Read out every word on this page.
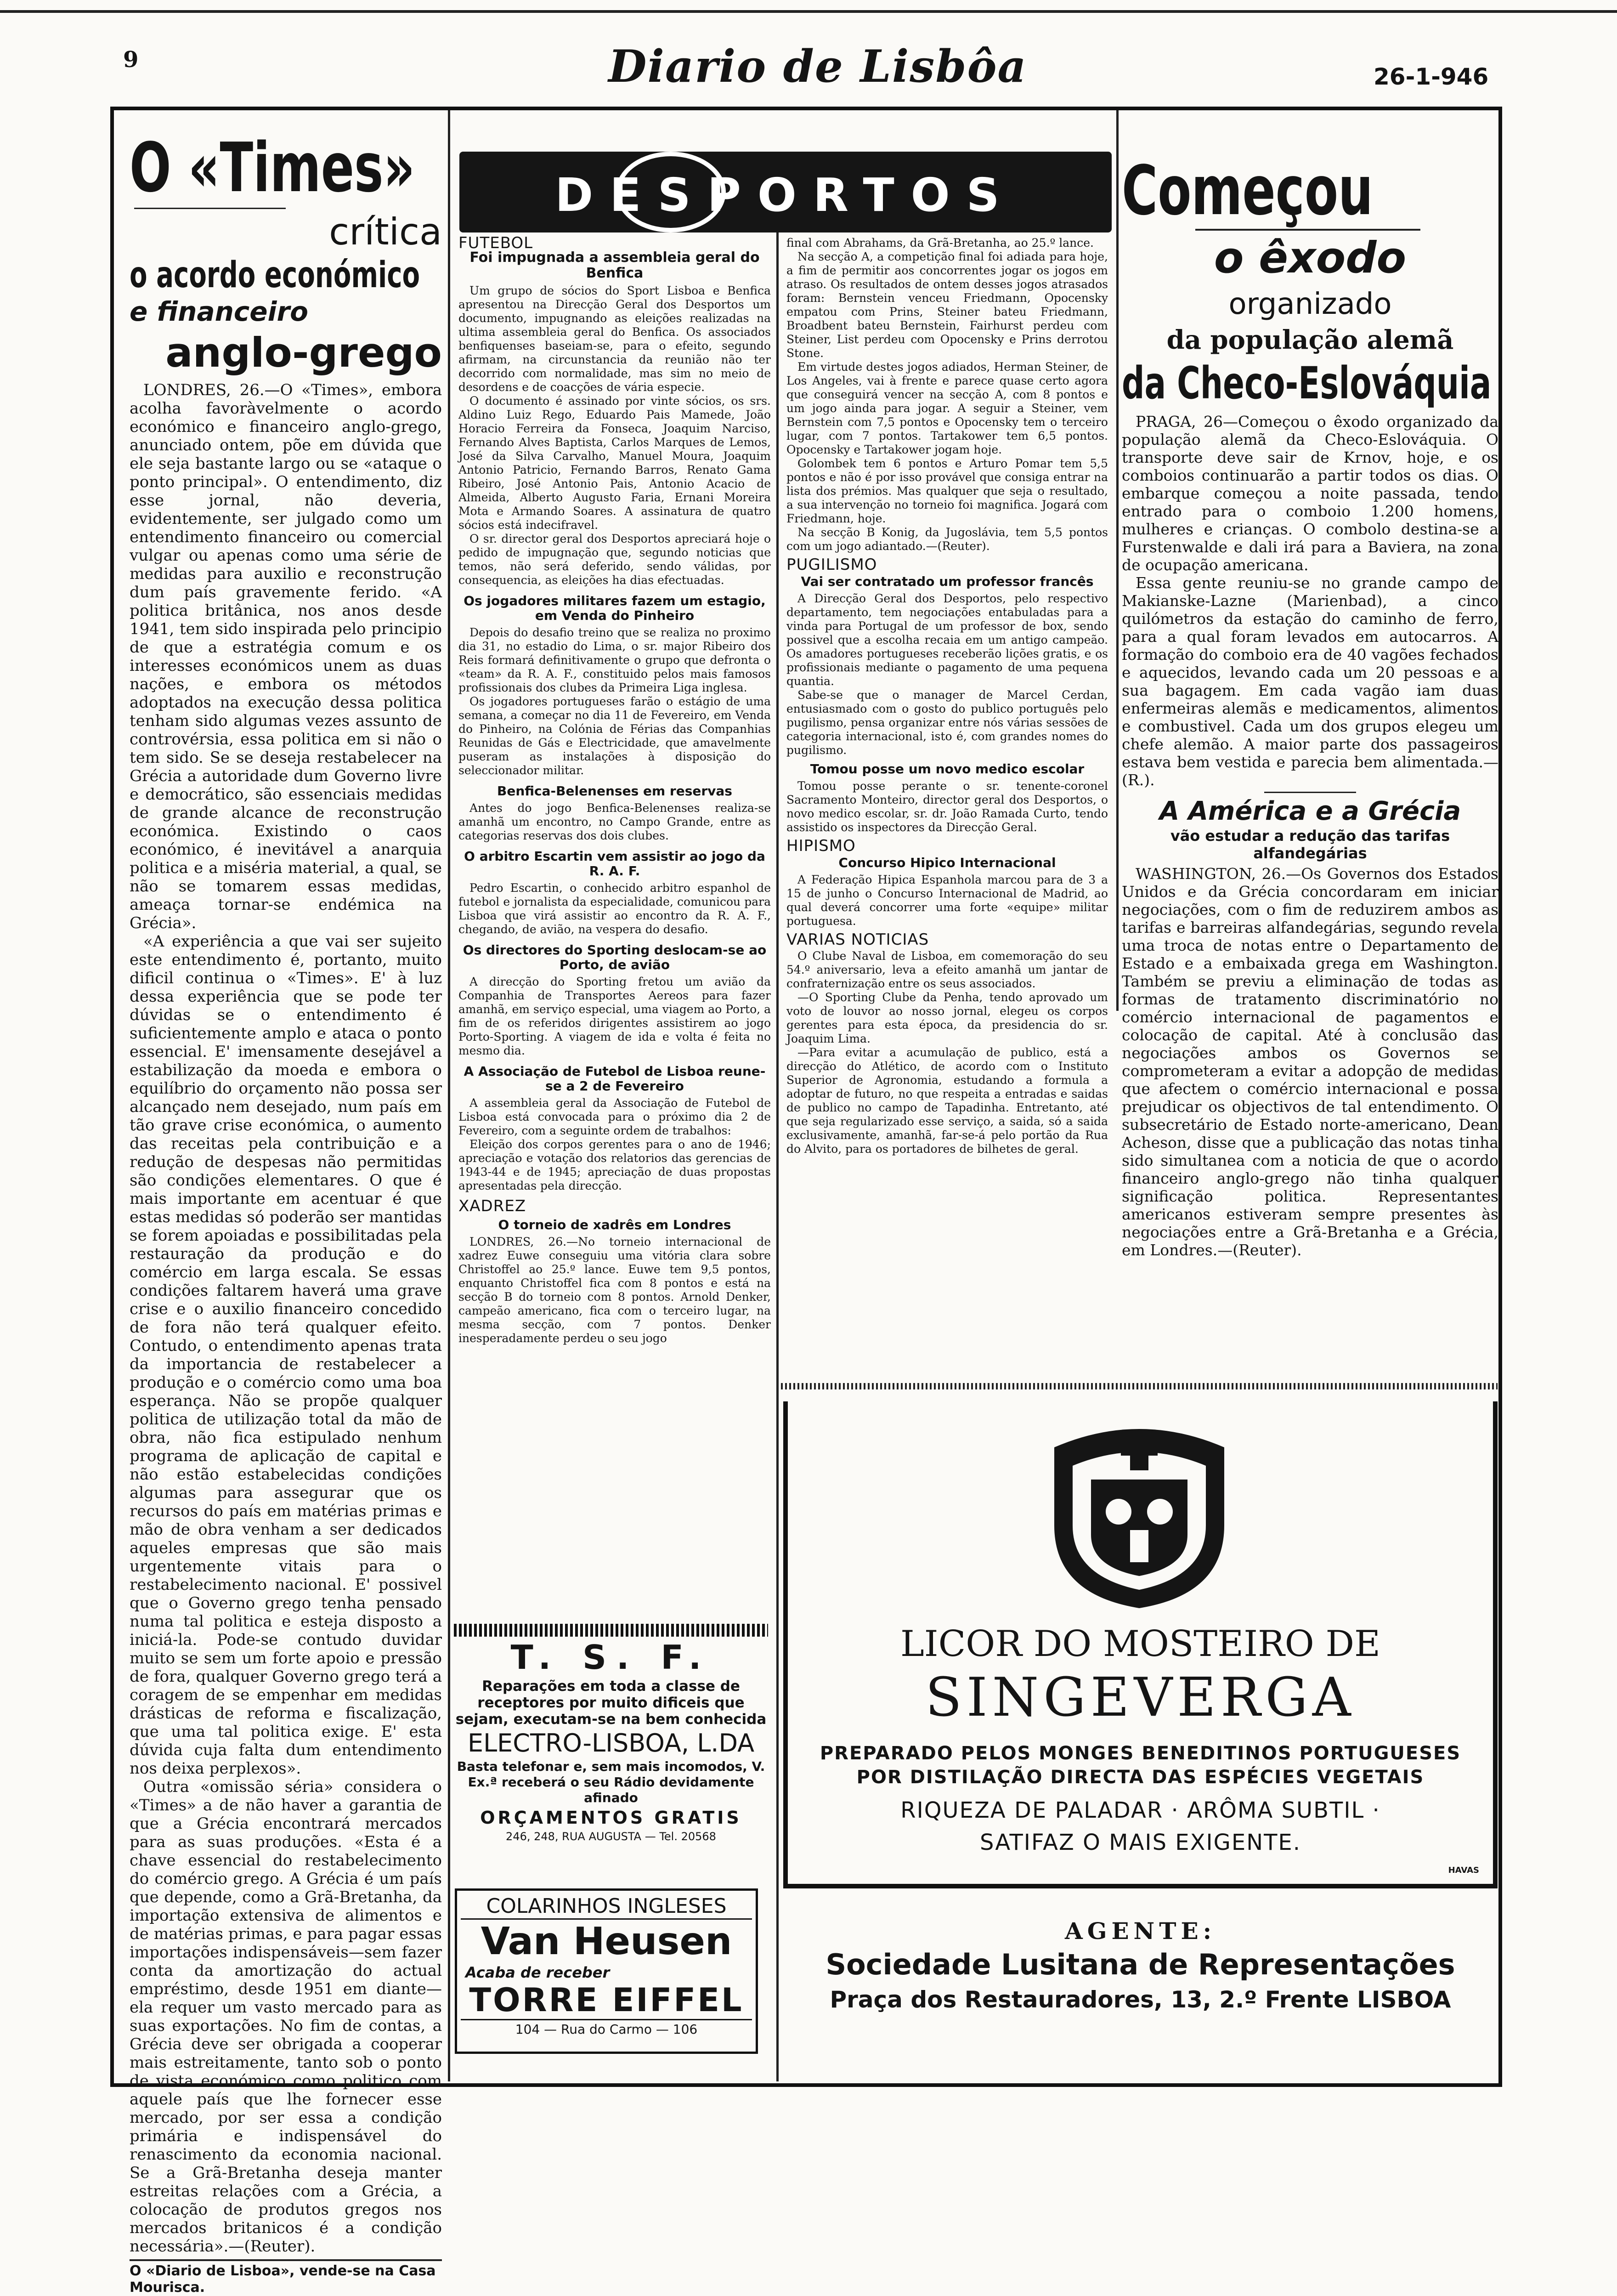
9	Diario de Lisbôa	26-1-946
O «Times»
crítica
o acordo económico
e financeiro
anglo-grego

LONDRES, 26.—O «Times», embora acolha favoràvelmente o acordo económico e financeiro anglo-grego, anunciado ontem, põe em dúvida que ele seja bastante largo ou se «ataque o ponto principal». O entendimento, diz esse jornal, não deveria, evidentemente, ser julgado como um entendimento financeiro ou comercial vulgar ou apenas como uma série de medidas para auxilio e reconstrução dum país gravemente ferido. «A politica britânica, nos anos desde 1941, tem sido inspirada pelo principio de que a estratégia comum e os interesses económicos unem as duas nações, e embora os métodos adoptados na execução dessa politica tenham sido algumas vezes assunto de controvérsia, essa politica em si não o tem sido. Se se deseja restabelecer na Grécia a autoridade dum Governo livre e democrático, são essenciais medidas de grande alcance de reconstrução económica. Existindo o caos económico, é inevitável a anarquia politica e a miséria material, a qual, se não se tomarem essas medidas, ameaça tornar-se endémica na Grécia».

«A experiência a que vai ser sujeito este entendimento é, portanto, muito dificil continua o «Times». E' à luz dessa experiência que se pode ter dúvidas se o entendimento é suficientemente amplo e ataca o ponto essencial. E' imensamente desejável a estabilização da moeda e embora o equilíbrio do orçamento não possa ser alcançado nem desejado, num país em tão grave crise económica, o aumento das receitas pela contribuição e a redução de despesas não permitidas são condições elementares. O que é mais importante em acentuar é que estas medidas só poderão ser mantidas se forem apoiadas e possibilitadas pela restauração da produção e do comércio em larga escala. Se essas condições faltarem haverá uma grave crise e o auxilio financeiro concedido de fora não terá qualquer efeito. Contudo, o entendimento apenas trata da importancia de restabelecer a produção e o comércio como uma boa esperança. Não se propõe qualquer politica de utilização total da mão de obra, não fica estipulado nenhum programa de aplicação de capital e não estão estabelecidas condições algumas para assegurar que os recursos do país em matérias primas e mão de obra venham a ser dedicados aqueles empresas que são mais urgentemente vitais para o restabelecimento nacional. E' possivel que o Governo grego tenha pensado numa tal politica e esteja disposto a iniciá-la. Pode-se contudo duvidar muito se sem um forte apoio e pressão de fora, qualquer Governo grego terá a coragem de se empenhar em medidas drásticas de reforma e fiscalização, que uma tal politica exige. E' esta dúvida cuja falta dum entendimento nos deixa perplexos».

Outra «omissão séria» considera o «Times» a de não haver a garantia de que a Grécia encontrará mercados para as suas produções. «Esta é a chave essencial do restabelecimento do comércio grego. A Grécia é um país que depende, como a Grã-Bretanha, da importação extensiva de alimentos e de matérias primas, e para pagar essas importações indispensáveis—sem fazer conta da amortização do actual empréstimo, desde 1951 em diante—ela requer um vasto mercado para as suas exportações. No fim de contas, a Grécia deve ser obrigada a cooperar mais estreitamente, tanto sob o ponto de vista económico como politico com aquele país que lhe fornecer esse mercado, por ser essa a condição primária e indispensável do renascimento da economia nacional. Se a Grã-Bretanha deseja manter estreitas relações com a Grécia, a colocação de produtos gregos nos mercados britanicos é a condição necessária».—(Reuter).

O «Diario de Lisboa», vende-se na Casa Mourisca.
DESPORTOS
FUTEBOL
Foi impugnada a assembleia geral do Benfica

Um grupo de sócios do Sport Lisboa e Benfica apresentou na Direcção Geral dos Desportos um documento, impugnando as eleições realizadas na ultima assembleia geral do Benfica. Os associados benfiquenses baseiam-se, para o efeito, segundo afirmam, na circunstancia da reunião não ter decorrido com normalidade, mas sim no meio de desordens e de coacções de vária especie.

O documento é assinado por vinte sócios, os srs. Aldino Luiz Rego, Eduardo Pais Mamede, João Horacio Ferreira da Fonseca, Joaquim Narciso, Fernando Alves Baptista, Carlos Marques de Lemos, José da Silva Carvalho, Manuel Moura, Joaquim Antonio Patricio, Fernando Barros, Renato Gama Ribeiro, José Antonio Pais, Antonio Acacio de Almeida, Alberto Augusto Faria, Ernani Moreira Mota e Armando Soares. A assinatura de quatro sócios está indecifravel.

O sr. director geral dos Desportos apreciará hoje o pedido de impugnação que, segundo noticias que temos, não será deferido, sendo válidas, por consequencia, as eleições ha dias efectuadas.

Os jogadores militares fazem um estagio, em Venda do Pinheiro

Depois do desafio treino que se realiza no proximo dia 31, no estadio do Lima, o sr. major Ribeiro dos Reis formará definitivamente o grupo que defronta o «team» da R. A. F., constituido pelos mais famosos profissionais dos clubes da Primeira Liga inglesa.

Os jogadores portugueses farão o estágio de uma semana, a começar no dia 11 de Fevereiro, em Venda do Pinheiro, na Colónia de Férias das Companhias Reunidas de Gás e Electricidade, que amavelmente puseram as instalações à disposição do seleccionador militar.

Benfica-Belenenses em reservas

Antes do jogo Benfica-Belenenses realiza-se amanhã um encontro, no Campo Grande, entre as categorias reservas dos dois clubes.

O arbitro Escartin vem assistir ao jogo da R. A. F.

Pedro Escartin, o conhecido arbitro espanhol de futebol e jornalista da especialidade, comunicou para Lisboa que virá assistir ao encontro da R. A. F., chegando, de avião, na vespera do desafio.

Os directores do Sporting deslocam-se ao Porto, de avião

A direcção do Sporting fretou um avião da Companhia de Transportes Aereos para fazer amanhã, em serviço especial, uma viagem ao Porto, a fim de os referidos dirigentes assistirem ao jogo Porto-Sporting. A viagem de ida e volta é feita no mesmo dia.

A Associação de Futebol de Lisboa reune-se a 2 de Fevereiro

A assembleia geral da Associação de Futebol de Lisboa está convocada para o próximo dia 2 de Fevereiro, com a seguinte ordem de trabalhos:

Eleição dos corpos gerentes para o ano de 1946; apreciação e votação dos relatorios das gerencias de 1943-44 e de 1945; apreciação de duas propostas apresentadas pela direcção.

XADREZ
O torneio de xadrês em Londres

LONDRES, 26.—No torneio internacional de xadrez Euwe conseguiu uma vitória clara sobre Christoffel ao 25.º lance. Euwe tem 9,5 pontos, enquanto Christoffel fica com 8 pontos e está na secção B do torneio com 8 pontos. Arnold Denker, campeão americano, fica com o terceiro lugar, na mesma secção, com 7 pontos. Denker inesperadamente perdeu o seu jogo

final com Abrahams, da Grã-Bretanha, ao 25.º lance.

Na secção A, a competição final foi adiada para hoje, a fim de permitir aos concorrentes jogar os jogos em atraso. Os resultados de ontem desses jogos atrasados foram: Bernstein venceu Friedmann, Opocensky empatou com Prins, Steiner bateu Friedmann, Broadbent bateu Bernstein, Fairhurst perdeu com Steiner, List perdeu com Opocensky e Prins derrotou Stone.

Em virtude destes jogos adiados, Herman Steiner, de Los Angeles, vai à frente e parece quase certo agora que conseguirá vencer na secção A, com 8 pontos e um jogo ainda para jogar. A seguir a Steiner, vem Bernstein com 7,5 pontos e Opocensky tem o terceiro lugar, com 7 pontos. Tartakower tem 6,5 pontos. Opocensky e Tartakower jogam hoje.

Golombek tem 6 pontos e Arturo Pomar tem 5,5 pontos e não é por isso provável que consiga entrar na lista dos prémios. Mas qualquer que seja o resultado, a sua intervenção no torneio foi magnifica. Jogará com Friedmann, hoje.

Na secção B Konig, da Jugoslávia, tem 5,5 pontos com um jogo adiantado.—(Reuter).

PUGILISMO
Vai ser contratado um professor francês

A Direcção Geral dos Desportos, pelo respectivo departamento, tem negociações entabuladas para a vinda para Portugal de um professor de box, sendo possivel que a escolha recaia em um antigo campeão. Os amadores portugueses receberão lições gratis, e os profissionais mediante o pagamento de uma pequena quantia.

Sabe-se que o manager de Marcel Cerdan, entusiasmado com o gosto do publico português pelo pugilismo, pensa organizar entre nós várias sessões de categoria internacional, isto é, com grandes nomes do pugilismo.

Tomou posse um novo medico escolar

Tomou posse perante o sr. tenente-coronel Sacramento Monteiro, director geral dos Desportos, o novo medico escolar, sr. dr. João Ramada Curto, tendo assistido os inspectores da Direcção Geral.

HIPISMO
Concurso Hipico Internacional

A Federação Hipica Espanhola marcou para de 3 a 15 de junho o Concurso Internacional de Madrid, ao qual deverá concorrer uma forte «equipe» militar portuguesa.

VARIAS NOTICIAS

O Clube Naval de Lisboa, em comemoração do seu 54.º aniversario, leva a efeito amanhã um jantar de confraternização entre os seus associados.

—O Sporting Clube da Penha, tendo aprovado um voto de louvor ao nosso jornal, elegeu os corpos gerentes para esta época, da presidencia do sr. Joaquim Lima.

—Para evitar a acumulação de publico, está a direcção do Atlético, de acordo com o Instituto Superior de Agronomia, estudando a formula a adoptar de futuro, no que respeita a entradas e saidas de publico no campo de Tapadinha. Entretanto, até que seja regularizado esse serviço, a saida, só a saida exclusivamente, amanhã, far-se-á pelo portão da Rua do Alvito, para os portadores de bilhetes de geral.

Começou
o êxodo
organizado
da população alemã
da Checo-Eslováquia

PRAGA, 26—Começou o êxodo organizado da população alemã da Checo-Eslováquia. O transporte deve sair de Krnov, hoje, e os comboios continuarão a partir todos os dias. O embarque começou a noite passada, tendo entrado para o comboio 1.200 homens, mulheres e crianças. O combolo destina-se a Furstenwalde e dali irá para a Baviera, na zona de ocupação americana.

Essa gente reuniu-se no grande campo de Makianske-Lazne (Marienbad), a cinco quilómetros da estação do caminho de ferro, para a qual foram levados em autocarros. A formação do comboio era de 40 vagões fechados e aquecidos, levando cada um 20 pessoas e a sua bagagem. Em cada vagão iam duas enfermeiras alemãs e medicamentos, alimentos e combustivel. Cada um dos grupos elegeu um chefe alemão. A maior parte dos passageiros estava bem vestida e parecia bem alimentada.—(R.).

A América e a Grécia
vão estudar a redução das tarifas alfandegárias

WASHINGTON, 26.—Os Governos dos Estados Unidos e da Grécia concordaram em iniciar negociações, com o fim de reduzirem ambos as tarifas e barreiras alfandegárias, segundo revela uma troca de notas entre o Departamento de Estado e a embaixada grega em Washington. Também se previu a eliminação de todas as formas de tratamento discriminatório no comércio internacional de pagamentos e colocação de capital. Até à conclusão das negociações ambos os Governos se comprometeram a evitar a adopção de medidas que afectem o comércio internacional e possa prejudicar os objectivos de tal entendimento. O subsecretário de Estado norte-americano, Dean Acheson, disse que a publicação das notas tinha sido simultanea com a noticia de que o acordo financeiro anglo-grego não tinha qualquer significação politica. Representantes americanos estiveram sempre presentes às negociações entre a Grã-Bretanha e a Grécia, em Londres.—(Reuter).

T. S. F.
Reparações em toda a classe de receptores por muito dificeis que sejam, executam-se na bem conhecida
ELECTRO-LISBOA, L.DA
Basta telefonar e, sem mais incomodos, V. Ex.ª receberá o seu Rádio devidamente afinado
ORÇAMENTOS GRATIS
246, 248, RUA AUGUSTA — Tel. 20568
COLARINHOS INGLESES
Van Heusen
Acaba de receber
TORRE EIFFEL
104 — Rua do Carmo — 106
LICOR DO MOSTEIRO DE
SINGEVERGA
PREPARADO PELOS MONGES BENEDITINOS PORTUGUESES
POR DISTILAÇÃO DIRECTA DAS ESPÉCIES VEGETAIS
RIQUEZA DE PALADAR · ARÔMA SUBTIL ·
SATIFAZ O MAIS EXIGENTE.
HAVAS
AGENTE:
Sociedade Lusitana de Representações
Praça dos Restauradores, 13, 2.º Frente LISBOA
